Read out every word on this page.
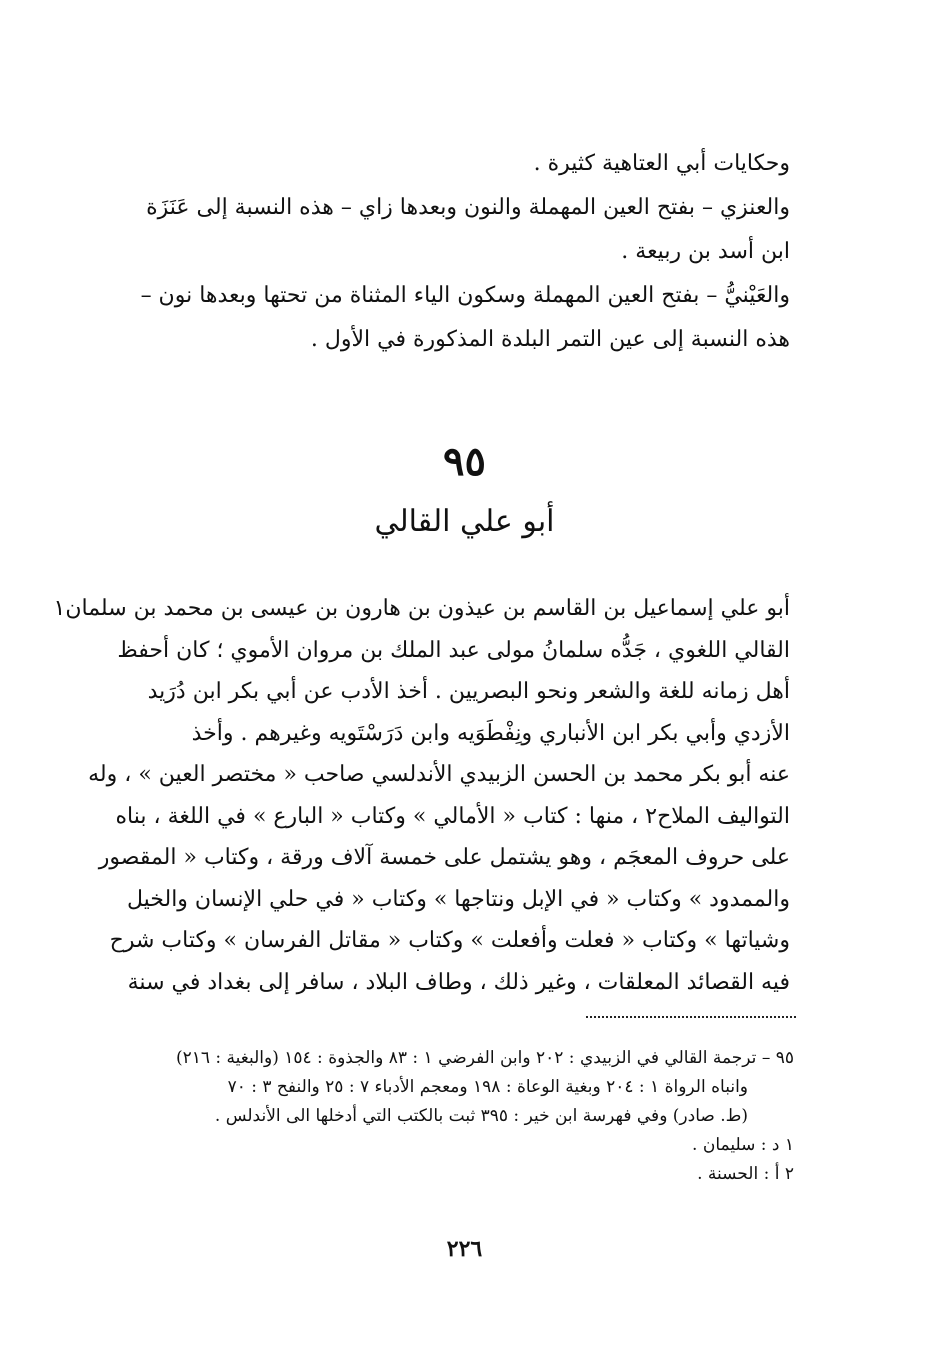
وحكايات أبي العتاهية كثيرة .
والعنزي – بفتح العين المهملة والنون وبعدها زاي – هذه النسبة إلى عَنَزَة
ابن أسد بن ربيعة .
والعَيْنيُّ – بفتح العين المهملة وسكون الياء المثناة من تحتها وبعدها نون –
هذه النسبة إلى عين التمر البلدة المذكورة في الأول .
٩٥
أبو علي القالي
أبو علي إسماعيل بن القاسم بن عيذون بن هارون بن عيسى بن محمد بن سلمان١
القالي اللغوي ، جَدُّه سلمانُ مولى عبد الملك بن مروان الأموي ؛ كان أحفظ
أهل زمانه للغة والشعر ونحو البصريين . أخذ الأدب عن أبي بكر ابن دُرَيد
الأزدي وأبي بكر ابن الأنباري ونِفْطَوَيه وابن دَرَسْتَويه وغيرهم . وأخذ
عنه أبو بكر محمد بن الحسن الزبيدي الأندلسي صاحب « مختصر العين » ، وله
التواليف الملاح٢ ، منها : كتاب « الأمالي » وكتاب « البارع » في اللغة ، بناه
على حروف المعجَم ، وهو يشتمل على خمسة آلاف ورقة ، وكتاب « المقصور
والممدود » وكتاب « في الإبل ونتاجها » وكتاب « في حلي الإنسان والخيل
وشياتها » وكتاب « فعلت وأفعلت » وكتاب « مقاتل الفرسان » وكتاب شرح
فيه القصائد المعلقات ، وغير ذلك ، وطاف البلاد ، سافر إلى بغداد في سنة
٩٥ – ترجمة القالي في الزبيدي : ٢٠٢ وابن الفرضي ١ : ٨٣ والجذوة : ١٥٤ (والبغية : ٢١٦)
وانباه الرواة ١ : ٢٠٤ وبغية الوعاة : ١٩٨ ومعجم الأدباء ٧ : ٢٥ والنفح ٣ : ٧٠
(ط. صادر) وفي فهرسة ابن خير : ٣٩٥ ثبت بالكتب التي أدخلها الى الأندلس .
١ د : سليمان .
٢ أ : الحسنة .
٢٢٦
